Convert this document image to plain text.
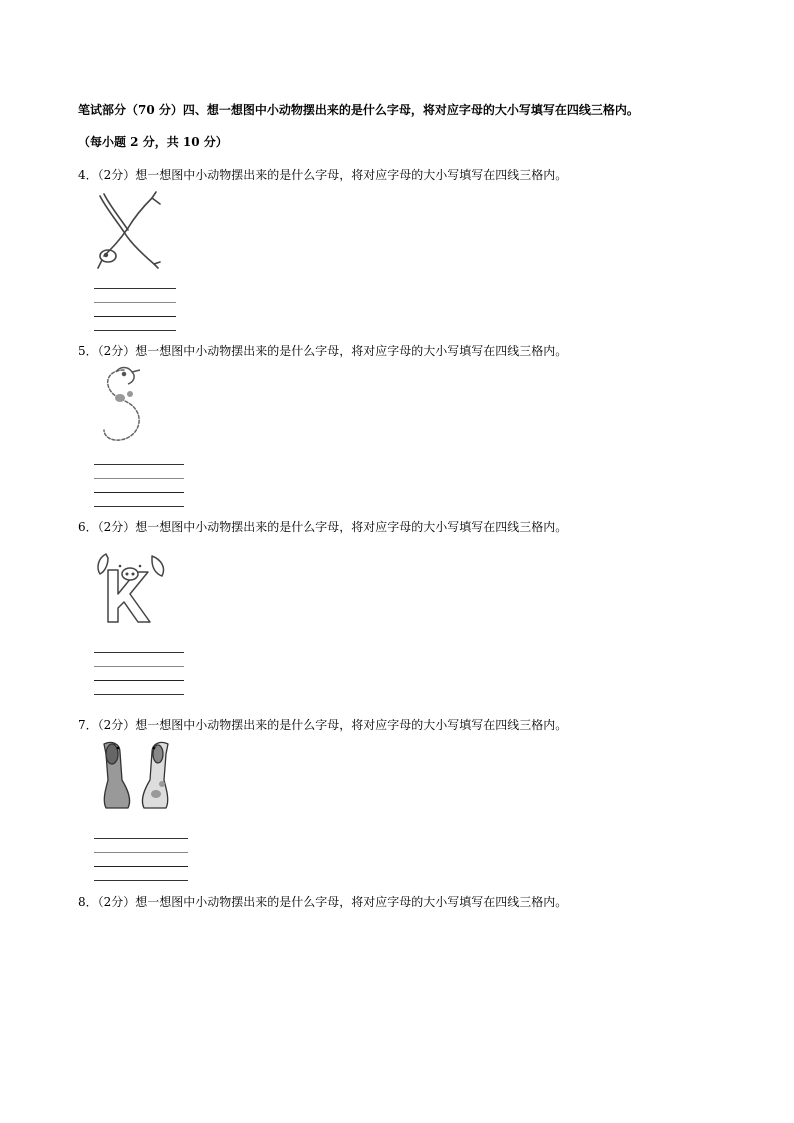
笔试部分（70 分）四、想一想图中小动物摆出来的是什么字母，将对应字母的大小写填写在四线三格内。
（每小题 2 分，共 10 分）
4．（2分）想一想图中小动物摆出来的是什么字母，将对应字母的大小写填写在四线三格内。
5．（2分）想一想图中小动物摆出来的是什么字母，将对应字母的大小写填写在四线三格内。
6．（2分）想一想图中小动物摆出来的是什么字母，将对应字母的大小写填写在四线三格内。
7．（2分）想一想图中小动物摆出来的是什么字母，将对应字母的大小写填写在四线三格内。
8．（2分）想一想图中小动物摆出来的是什么字母，将对应字母的大小写填写在四线三格内。
